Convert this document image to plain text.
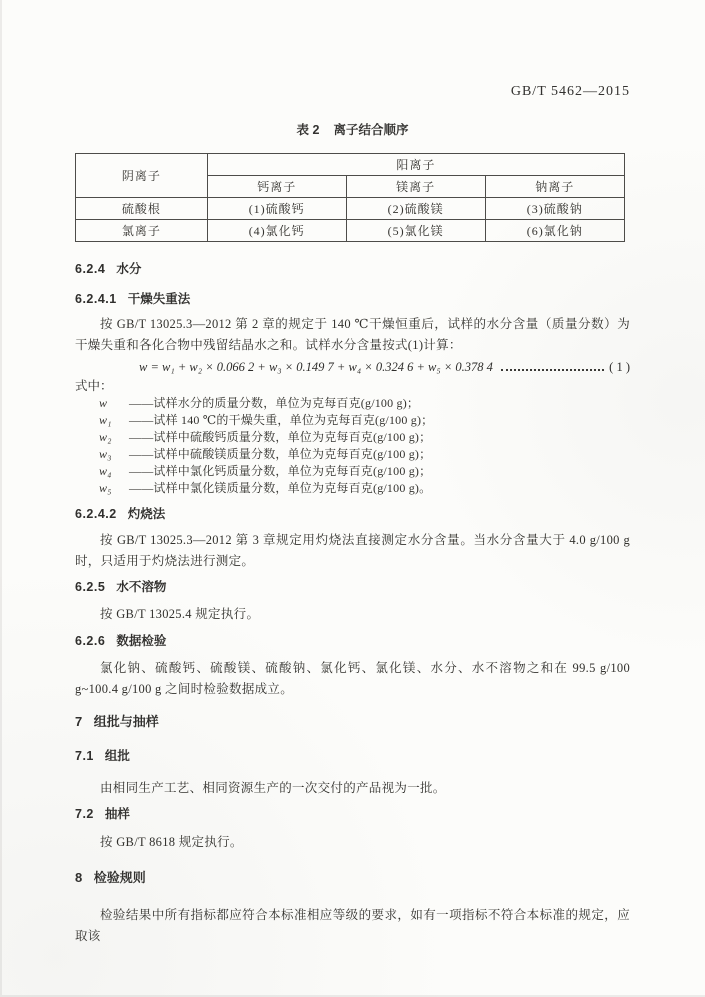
GB/T 5462—2015
表 2 离子结合顺序
阴离子	阳离子		
	钙离子	镁离子	钠离子
硫酸根	(1)硫酸钙	(2)硫酸镁	(3)硫酸钠
氯离子	(4)氯化钙	(5)氯化镁	(6)氯化钠
6.2.4 水分
6.2.4.1 干燥失重法

按 GB/T 13025.3—2012 第 2 章的规定于 140 ℃干燥恒重后，试样的水分含量（质量分数）为干燥失重和各化合物中残留结晶水之和。试样水分含量按式(1)计算：

w = w₁ + w₂ × 0.066 2 + w₃ × 0.149 7 + w₄ × 0.324 6 + w₅ × 0.378 4	( 1 )
式中：
w	——试样水分的质量分数，单位为克每百克(g/100 g)；
w₁	——试样 140 ℃的干燥失重，单位为克每百克(g/100 g)；
w₂	——试样中硫酸钙质量分数，单位为克每百克(g/100 g)；
w₃	——试样中硫酸镁质量分数，单位为克每百克(g/100 g)；
w₄	——试样中氯化钙质量分数，单位为克每百克(g/100 g)；
w₅	——试样中氯化镁质量分数，单位为克每百克(g/100 g)。
6.2.4.2 灼烧法

按 GB/T 13025.3—2012 第 3 章规定用灼烧法直接测定水分含量。当水分含量大于 4.0 g/100 g 时，只适用于灼烧法进行测定。

6.2.5 水不溶物

按 GB/T 13025.4 规定执行。

6.2.6 数据检验

氯化钠、硫酸钙、硫酸镁、硫酸钠、氯化钙、氯化镁、水分、水不溶物之和在 99.5 g/100 g~100.4 g/100 g 之间时检验数据成立。

7 组批与抽样
7.1 组批

由相同生产工艺、相同资源生产的一次交付的产品视为一批。

7.2 抽样

按 GB/T 8618 规定执行。

8 检验规则

检验结果中所有指标都应符合本标准相应等级的要求，如有一项指标不符合本标准的规定，应取该
